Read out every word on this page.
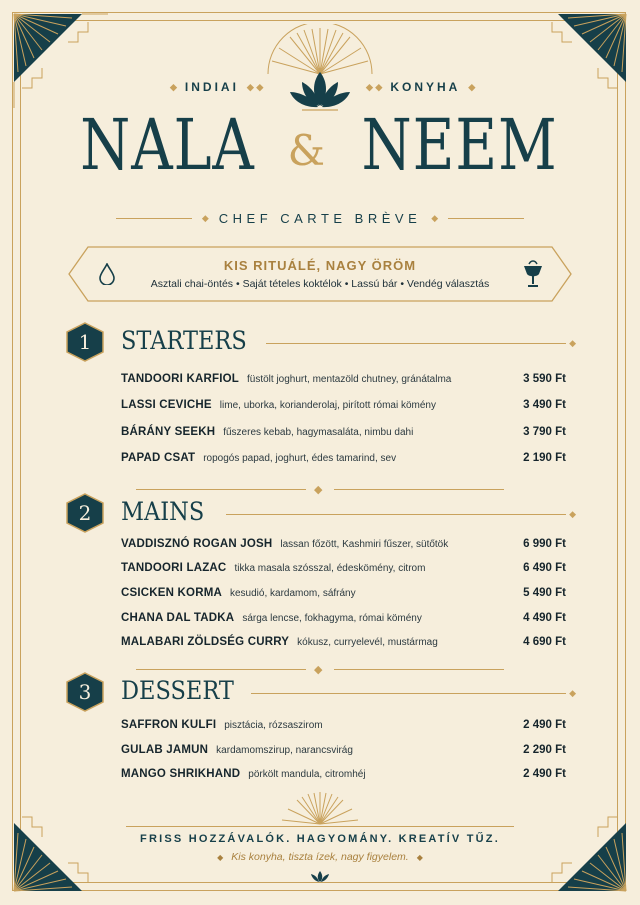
◆ INDIAI ◆ ◆	◆ ◆ KONYHA ◆
NALA & NEEM
◆ CHEF CARTE BRÈVE ◆
KIS RITUÁLÉ, NAGY ÖRÖM
Asztali chai-öntés • Saját tételes koktélok • Lassú bár • Vendég választás
1	STARTERS	◆
TANDOORI KARFIOL füstölt joghurt, mentazöld chutney, gránátalma	3 590 Ft
LASSI CEVICHE lime, uborka, korianderolaj, pirított római kömény	3 490 Ft
BÁRÁNY SEEKH fűszeres kebab, hagymasaláta, nimbu dahi	3 790 Ft
PAPAD CSAT ropogós papad, joghurt, édes tamarind, sev	2 190 Ft
◆
2	MAINS	◆
VADDISZNÓ ROGAN JOSH lassan főzött, Kashmiri fűszer, sütőtök	6 990 Ft
TANDOORI LAZAC tikka masala szósszal, édeskömény, citrom	6 490 Ft
CSICKEN KORMA kesudió, kardamom, sáfrány	5 490 Ft
CHANA DAL TADKA sárga lencse, fokhagyma, római kömény	4 490 Ft
MALABARI ZÖLDSÉG CURRY kókusz, curryelevél, mustármag	4 690 Ft
◆
3	DESSERT	◆
SAFFRON KULFI pisztácia, rózsaszirom	2 490 Ft
GULAB JAMUN kardamomszirup, narancsvirág	2 290 Ft
MANGO SHRIKHAND pörkölt mandula, citromhéj	2 490 Ft
FRISS HOZZÁVALÓK. HAGYOMÁNY. KREATÍV TŰZ.
◆ Kis konyha, tiszta ízek, nagy figyelem. ◆
